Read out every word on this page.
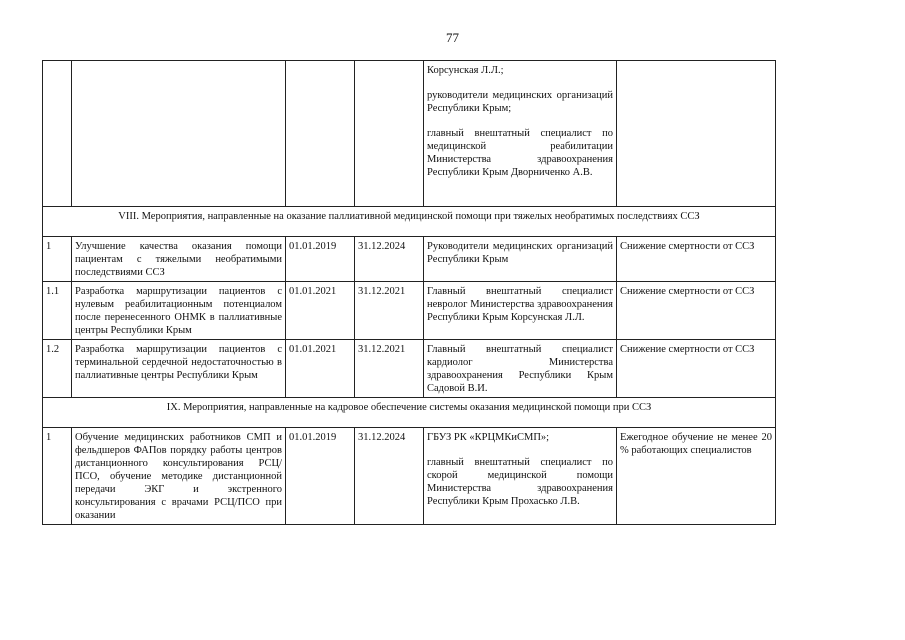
77

				Корсунская Л.Л.;
руководители медицинских организаций Республики Крым;
главный внештатный специалист по медицинской реабилитации Министерства здравоохранения Республики Крым Дворниченко А.В.	

VIII. Мероприятия, направленные на оказание паллиативной медицинской помощи при тяжелых необратимых последствиях ССЗ					
1	Улучшение качества оказания помощи пациентам с тяжелыми необратимыми последствиями ССЗ	01.01.2019	31.12.2024	Руководители медицинских организаций Республики Крым	Снижение смертности от ССЗ
1.1	Разработка маршрутизации пациентов с нулевым реабилитационным потенциалом после перенесенного ОНМК в паллиативные центры Республики Крым	01.01.2021	31.12.2021	Главный внештатный специалист невролог Министерства здравоохранения Республики Крым Корсунская Л.Л.	Снижение смертности от ССЗ
1.2	Разработка маршрутизации пациентов с терминальной сердечной недостаточностью в паллиативные центры Республики Крым	01.01.2021	31.12.2021	Главный внештатный специалист кардиолог Министерства здравоохранения Республики Крым Садовой В.И.	Снижение смертности от ССЗ
IX. Мероприятия, направленные на кадровое обеспечение системы оказания медицинской помощи при ССЗ					
1	Обучение медицинских работников СМП и фельдшеров ФАПов порядку работы центров дистанционного консультирования РСЦ/ПСО, обучение методике дистанционной передачи ЭКГ и экстренного консультирования с врачами РСЦ/ПСО при оказании	01.01.2019	31.12.2024	ГБУЗ РК «КРЦМКиСМП»;
главный внештатный специалист по скорой медицинской помощи Министерства здравоохранения Республики Крым Прохасько Л.В.	Ежегодное обучение не менее 20 % работающих специалистов
